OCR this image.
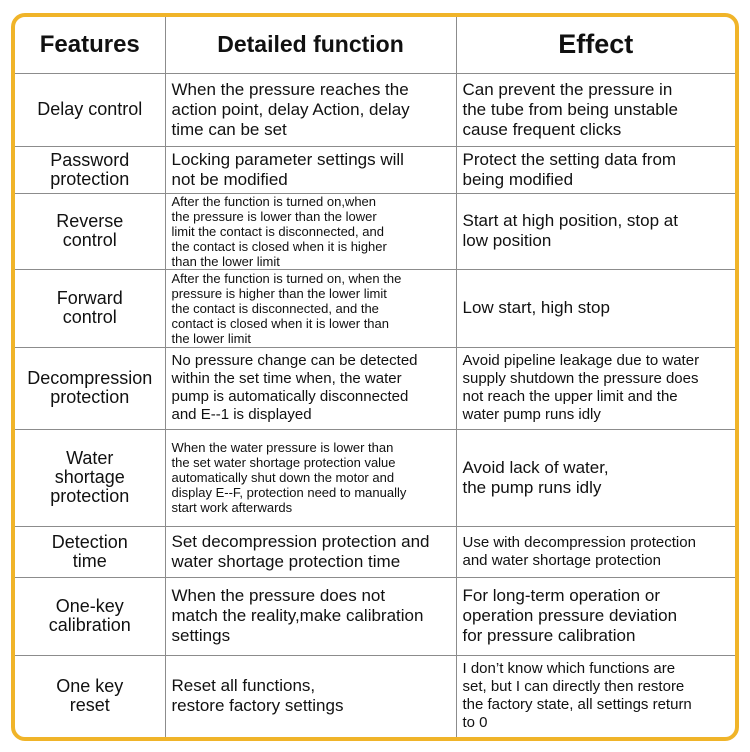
Features	Detailed function	Effect

Delay control	When the pressure reaches the
action point, delay Action, delay
time can be set	Can prevent the pressure in
the tube from being unstable
cause frequent clicks

Password
protection	Locking parameter settings will
not be modified	Protect the setting data from
being modified

Reverse
control	After the function is turned on,when
the pressure is lower than the lower
limit the contact is disconnected, and
the contact is closed when it is higher
than the lower limit	Start at high position, stop at
low position

Forward
control	After the function is turned on, when the
pressure is higher than the lower limit
the contact is disconnected, and the
contact is closed when it is lower than
the lower limit	Low start, high stop

Decompression
protection	No pressure change can be detected
within the set time when, the water
pump is automatically disconnected
and E--1 is displayed	Avoid pipeline leakage due to water
supply shutdown the pressure does
not reach the upper limit and the
water pump runs idly

Water
shortage
protection	When the water pressure is lower than
the set water shortage protection value
automatically shut down the motor and
display E--F, protection need to manually
start work afterwards	Avoid lack of water,
the pump runs idly

Detection
time	Set decompression protection and
water shortage protection time	Use with decompression protection
and water shortage protection

One-key
calibration	When the pressure does not
match the reality,make calibration
settings	For long-term operation or
operation pressure deviation
for pressure calibration

One key
reset	Reset all functions,
restore factory settings	I don’t know which functions are
set, but I can directly then restore
the factory state, all settings return
to 0
